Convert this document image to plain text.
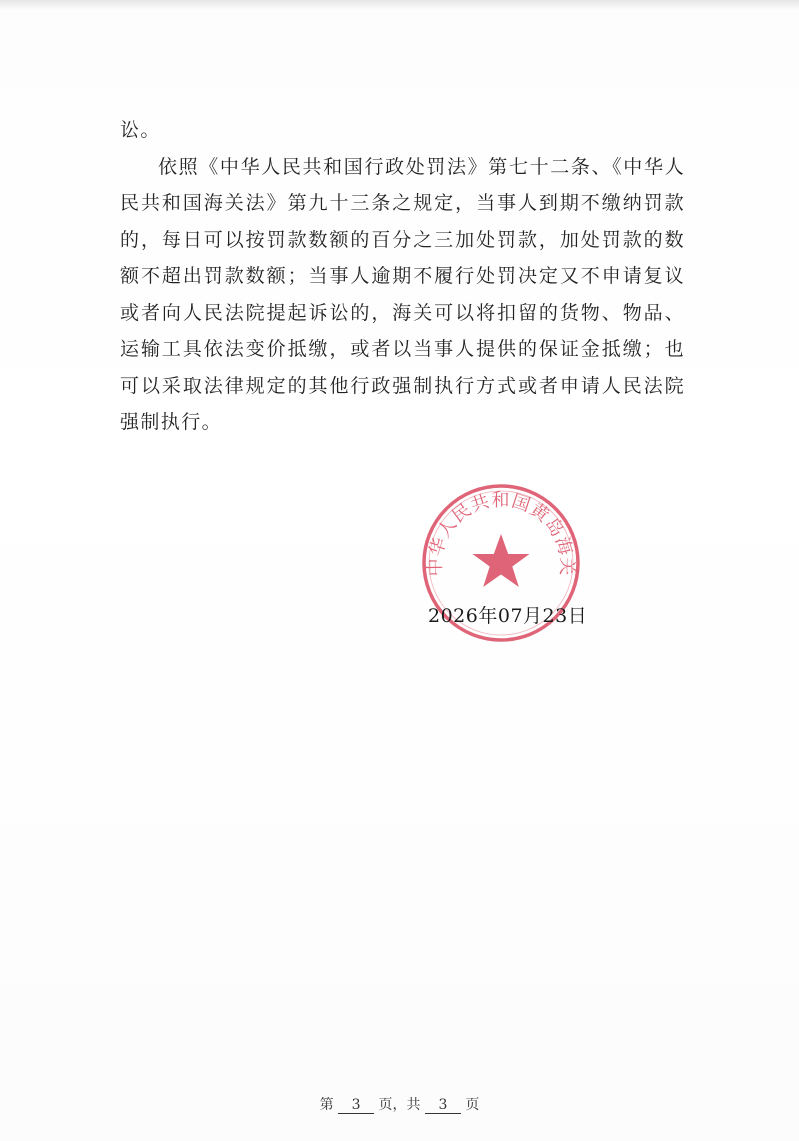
讼。

依照《中华人民共和国行政处罚法》第七十二条、《中华人民共和国海关法》第九十三条之规定，当事人到期不缴纳罚款的，每日可以按罚款数额的百分之三加处罚款，加处罚款的数额不超出罚款数额；当事人逾期不履行处罚决定又不申请复议或者向人民法院提起诉讼的，海关可以将扣留的货物、物品、运输工具依法变价抵缴，或者以当事人提供的保证金抵缴；也可以采取法律规定的其他行政强制执行方式或者申请人民法院强制执行。

中华人民共和国黄岛海关
2026年07月23日
第 3 页，共 3 页
